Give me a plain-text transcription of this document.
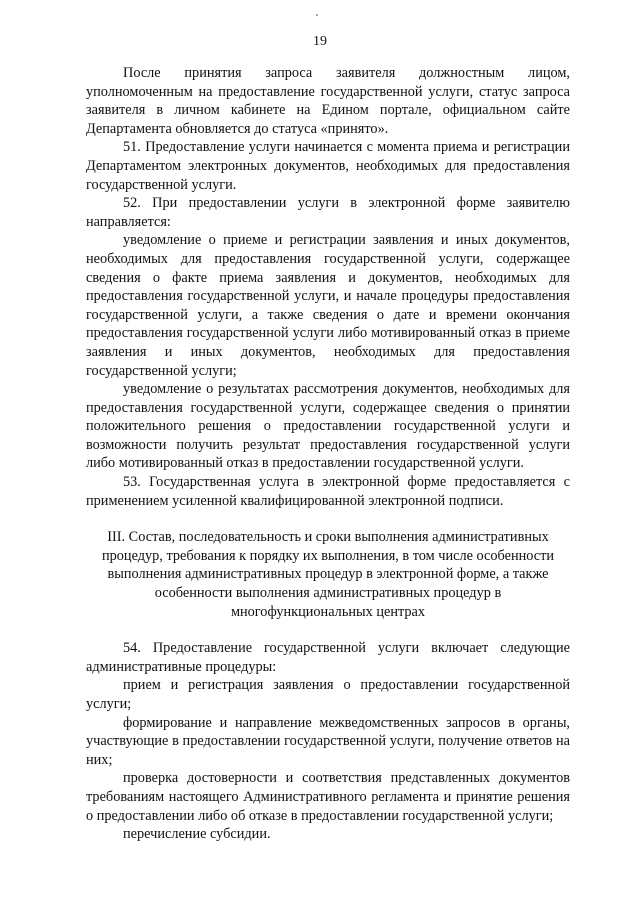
19

После принятия запроса заявителя должностным лицом, уполномоченным на предоставление государственной услуги, статус запроса заявителя в личном кабинете на Едином портале, официальном сайте Департамента обновляется до статуса «принято».

51. Предоставление услуги начинается с момента приема и регистрации Департаментом электронных документов, необходимых для предоставления государственной услуги.

52. При предоставлении услуги в электронной форме заявителю направляется:

уведомление о приеме и регистрации заявления и иных документов, необходимых для предоставления государственной услуги, содержащее сведения о факте приема заявления и документов, необходимых для предоставления государственной услуги, и начале процедуры предоставления государственной услуги, а также сведения о дате и времени окончания предоставления государственной услуги либо мотивированный отказ в приеме заявления и иных документов, необходимых для предоставления государственной услуги;

уведомление о результатах рассмотрения документов, необходимых для предоставления государственной услуги, содержащее сведения о принятии положительного решения о предоставлении государственной услуги и возможности получить результат предоставления государственной услуги либо мотивированный отказ в предоставлении государственной услуги.

53. Государственная услуга в электронной форме предоставляется с применением усиленной квалифицированной электронной подписи.

III. Состав, последовательность и сроки выполнения административных процедур, требования к порядку их выполнения, в том числе особенности выполнения административных процедур в электронной форме, а также особенности выполнения административных процедур в многофункциональных центрах

54. Предоставление государственной услуги включает следующие административные процедуры:

прием и регистрация заявления о предоставлении государственной услуги;

формирование и направление межведомственных запросов в органы, участвующие в предоставлении государственной услуги, получение ответов на них;

проверка достоверности и соответствия представленных документов требованиям настоящего Административного регламента и принятие решения о предоставлении либо об отказе в предоставлении государственной услуги;

перечисление субсидии.
